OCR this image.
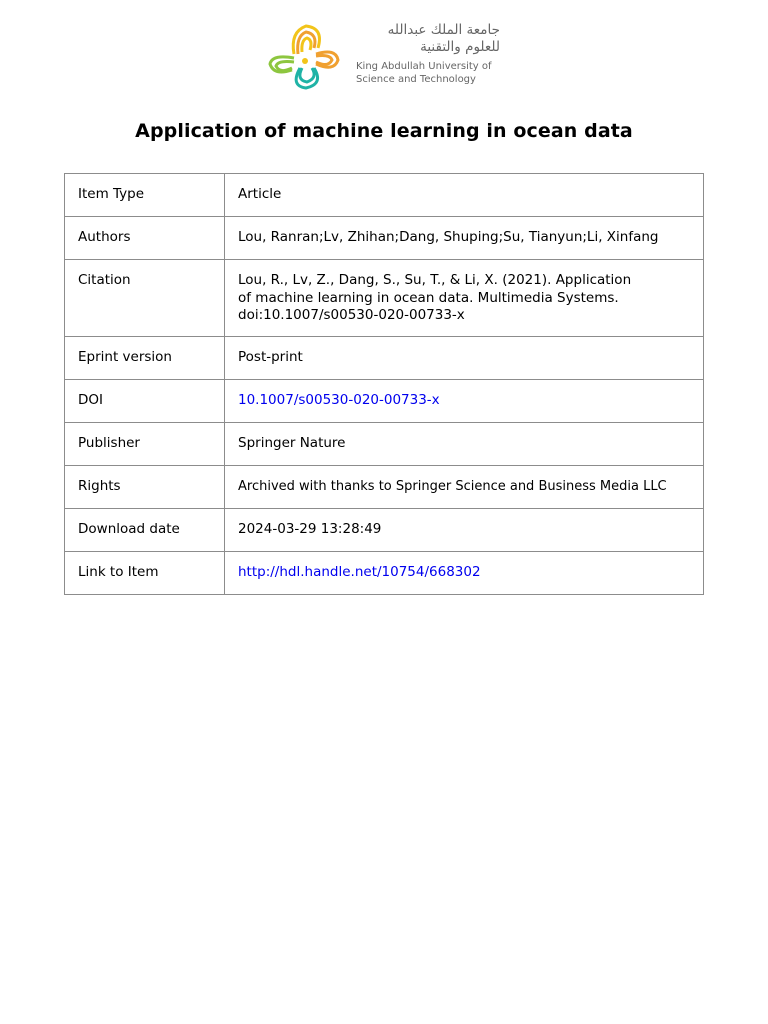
جامعة الملك عبدالله
للعلوم والتقنية
King Abdullah University of
Science and Technology
Application of machine learning in ocean data
Item Type	Article
Authors	Lou, Ranran;Lv, Zhihan;Dang, Shuping;Su, Tianyun;Li, Xinfang
Citation	Lou, R., Lv, Z., Dang, S., Su, T., & Li, X. (2021). Application
of machine learning in ocean data. Multimedia Systems.
doi:10.1007/s00530-020-00733-x

Eprint version	Post-print
DOI	10.1007/s00530-020-00733-x
Publisher	Springer Nature
Rights	Archived with thanks to Springer Science and Business Media LLC
Download date	2024-03-29 13:28:49
Link to Item	http://hdl.handle.net/10754/668302
